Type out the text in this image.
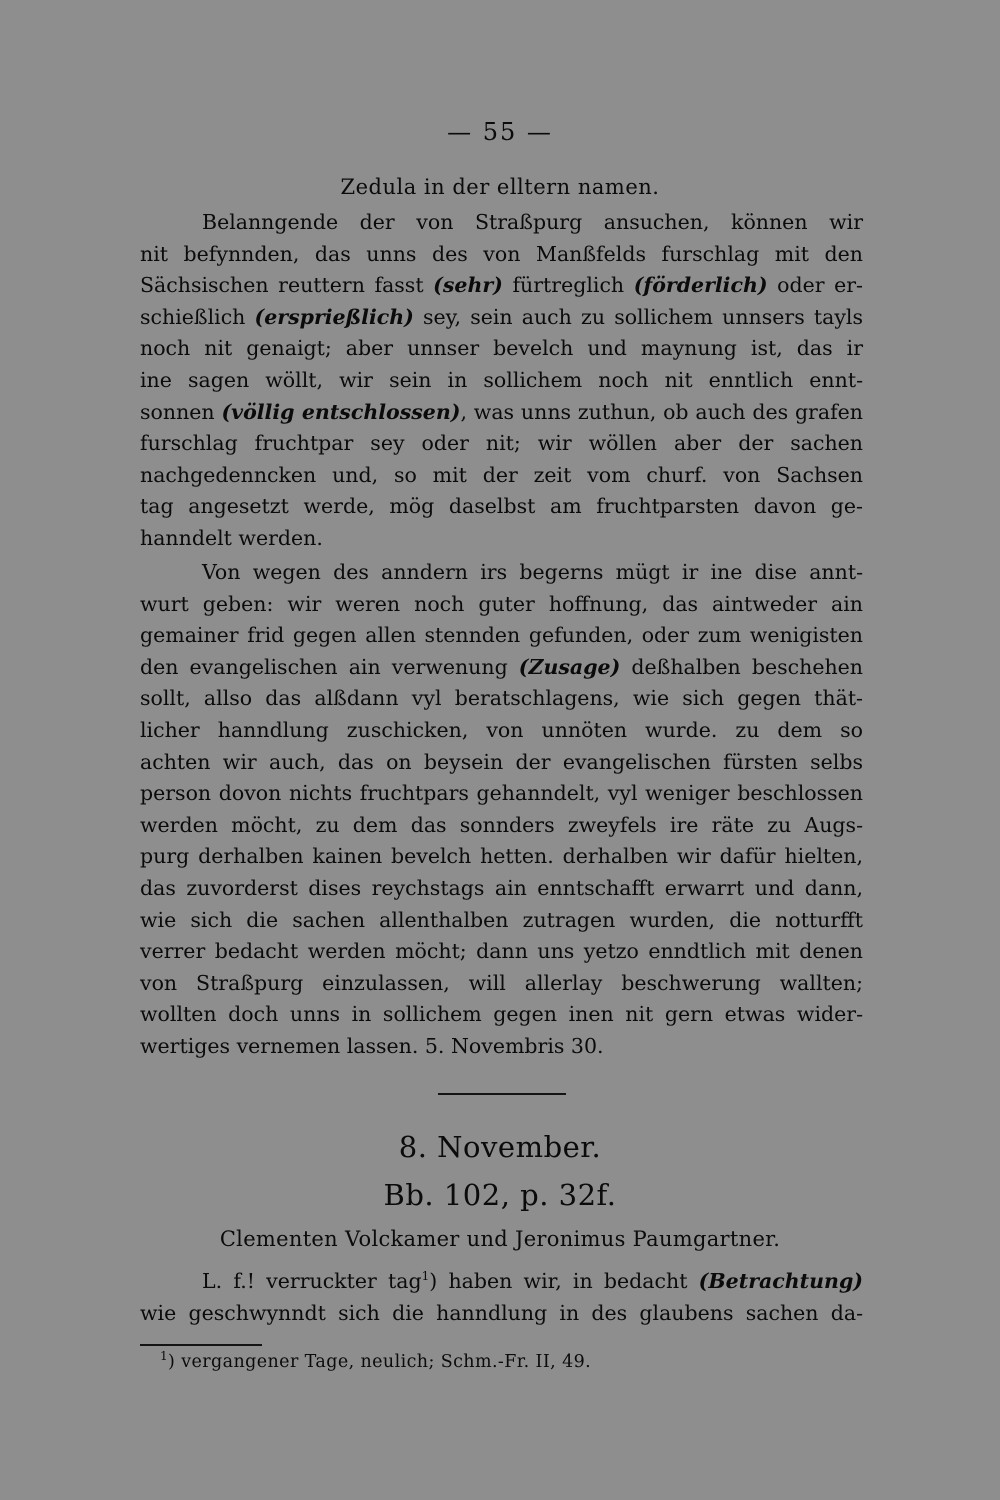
— 55 —
Zedula in der elltern namen.
Belanngende der von Straßpurg ansuchen, können wir
nit befynnden, das unns des von Manßfelds furschlag mit den
Sächsischen reuttern fasst (sehr) fürtreglich (förderlich) oder er-
schießlich (ersprießlich) sey, sein auch zu sollichem unnsers tayls
noch nit genaigt; aber unnser bevelch und maynung ist, das ir
ine sagen wöllt, wir sein in sollichem noch nit enntlich ennt-
sonnen (völlig entschlossen), was unns zuthun, ob auch des grafen
furschlag fruchtpar sey oder nit; wir wöllen aber der sachen
nachgedenncken und, so mit der zeit vom churf. von Sachsen
tag angesetzt werde, mög daselbst am fruchtparsten davon ge-
hanndelt werden.
Von wegen des anndern irs begerns mügt ir ine dise annt-
wurt geben: wir weren noch guter hoffnung, das aintweder ain
gemainer frid gegen allen stennden gefunden, oder zum wenigisten
den evangelischen ain verwenung (Zusage) deßhalben beschehen
sollt, allso das alßdann vyl beratschlagens, wie sich gegen thät-
licher hanndlung zuschicken, von unnöten wurde. zu dem so
achten wir auch, das on beysein der evangelischen fürsten selbs
person dovon nichts fruchtpars gehanndelt, vyl weniger beschlossen
werden möcht, zu dem das sonnders zweyfels ire räte zu Augs-
purg derhalben kainen bevelch hetten. derhalben wir dafür hielten,
das zuvorderst dises reychstags ain enntschafft erwarrt und dann,
wie sich die sachen allenthalben zutragen wurden, die notturfft
verrer bedacht werden möcht; dann uns yetzo enndtlich mit denen
von Straßpurg einzulassen, will allerlay beschwerung wallten;
wollten doch unns in sollichem gegen inen nit gern etwas wider-
wertiges vernemen lassen. 5. Novembris 30.
8. November.
Bb. 102, p. 32f.
Clementen Volckamer und Jeronimus Paumgartner.
L. f.! verruckter tag$^1$) haben wir, in bedacht (Betrachtung)
wie geschwynndt sich die hanndlung in des glaubens sachen da-
$^1$) vergangener Tage, neulich; Schm.-Fr. II, 49.
